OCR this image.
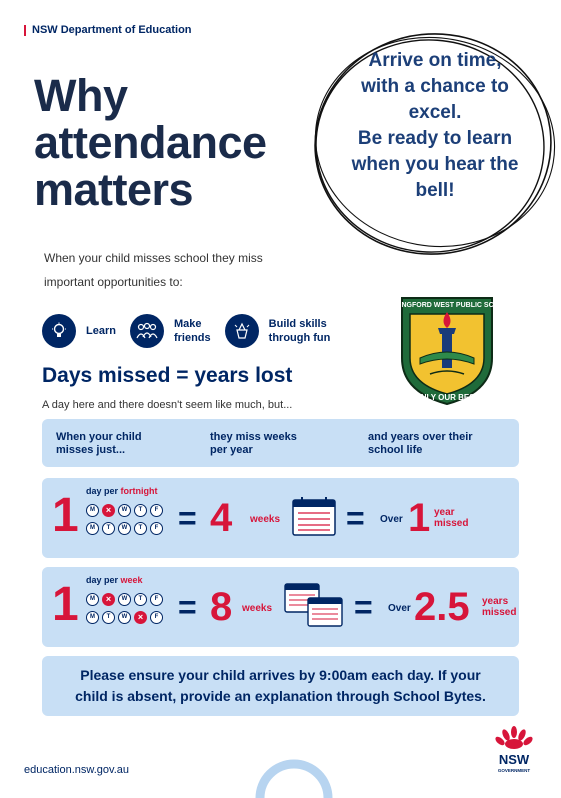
NSW Department of Education
Why
attendance
matters
Arrive on time,
with a chance to
excel.
Be ready to learn
when you hear the
bell!
When your child misses school they miss important opportunities to:
CARLINGFORD WEST PUBLIC SCHOOL
ONLY OUR BEST
Learn
Make
friends
Build skills
through fun
Days missed = years lost
A day here and there doesn't seem like much, but...
When your child
misses just...
they miss weeks
per year
and years over their
school life
1 day per fortnight
M	×	W	T	F
M	T	W	T	F = 4 weeks = Over 1 year
missed
1 day per week
M	×	W	T	F
M	T	W	×	F = 8 weeks	= Over 2.5 years
missed
Please ensure your child arrives by 9:00am each day. If your
child is absent, provide an explanation through School Bytes.
education.nsw.gov.au
NSW
GOVERNMENT
